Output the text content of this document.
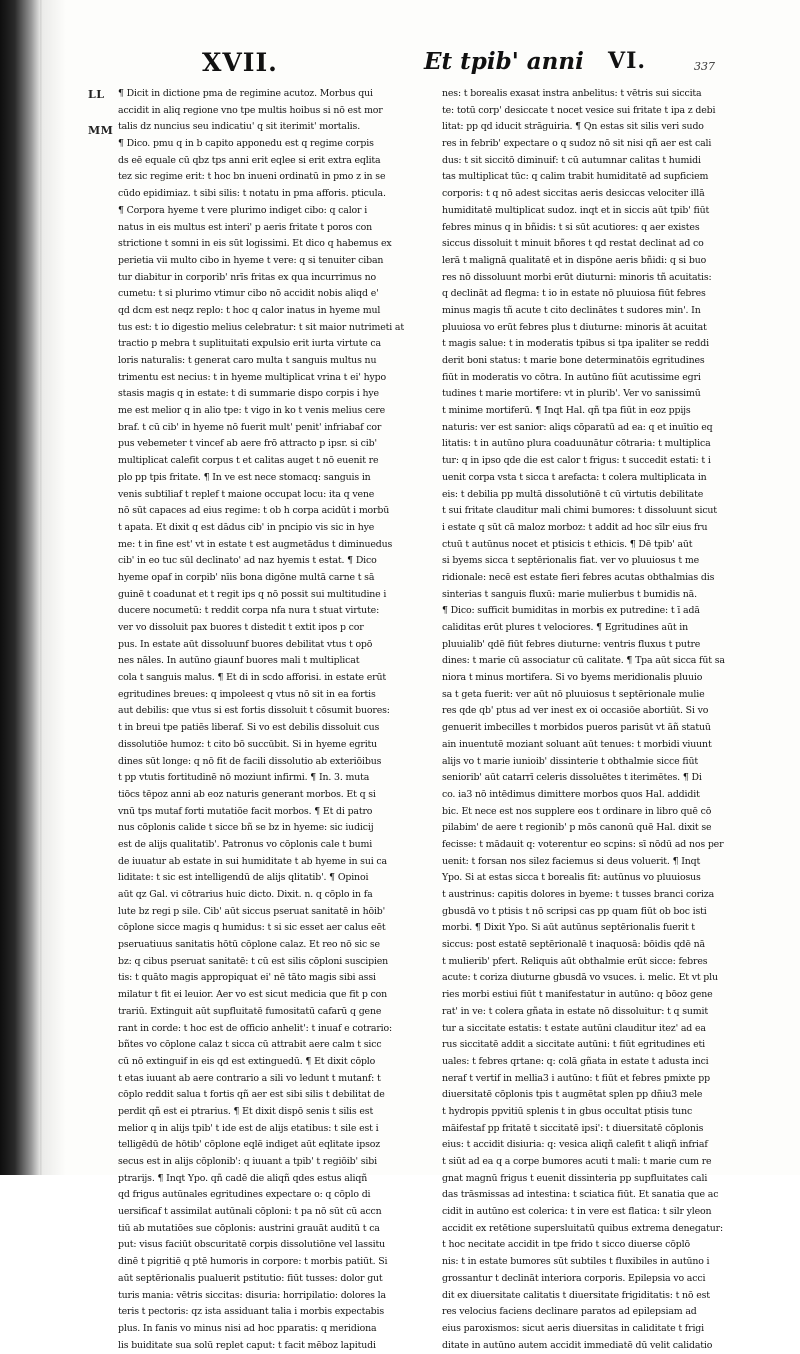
XVII.	Et tpib' anni VI.	337
LL
MM
¶ Dicit in dictione pma de regimine acutoz. Morbus qui
accidit in aliq regione vno tpe multis hoibus si nō est mor
talis dz nuncius seu indicatiu' q sit iterimit' mortalis.
¶ Dico. pmu q in b capito apponedu est q regime corpis
ds eē equale cū qbz tps anni erit eqlee si erit extra eqlita
tez sic regime erit: t hoc bn inueni ordinatū in pmo z in se
cūdo epidimiaz. t sibi silis: t notatu in pma afforis. pticula.
¶ Corpora hyeme t vere plurimo indiget cibo: q calor i
natus in eis multus est interi' p aeris fritate t poros con
strictione t somni in eis sūt logissimi. Et dico q habemus ex
perietia vii multo cibo in hyeme t vere: q si tenuiter ciban
tur diabitur in corporib' nrīs fritas ex qua incurrimus no
cumetu: t si plurimo vtimur cibo nō accidit nobis aliqd e'
qd dcm est neqz replo: t hoc q calor inatus in hyeme mul
tus est: t io digestio melius celebratur: t sit maior nutrimeti at
tractio p mebra t suplituitati expulsio erit iurta virtute ca
loris naturalis: t generat caro multa t sanguis multus nu
trimentu est necius: t in hyeme multiplicat vrina t ei' hypo
stasis magis q in estate: t di summarie dispo corpis i hye
me est melior q in alio tpe: t vigo in ko t venis melius cere
braf. t cū cib' in hyeme nō fuerit mult' penit' infriabaf cor
pus vebemeter t vincef ab aere frō attracto p ipsr. si cib'
multiplicat calefit corpus t et calitas auget t nō euenit re
plo pp tpis fritate. ¶ In ve est nece stomacq: sanguis in
venis subtiliaf t replef t maione occupat locu: ita q vene
nō sūt capaces ad eius regime: t ob h corpa acidūt i morbū
t apata. Et dixit q est dādus cib' in pncipio vis sic in hye
me: t in fine est' vt in estate t est augmetādus t diminuedus
cib' in eo tuc sūl declinato' ad naz hyemis t estat. ¶ Dico
hyeme opaf in corpib' nīis bona digōne multā carne t sā
guinē t coadunat et t regit ips q nō possit sui multitudine i
ducere nocumetū: t reddit corpa nfa nura t stuat virtute:
ver vo dissoluit pax buores t distedit t extit ipos p cor
pus. In estate aūt dissoluunf buores debilitat vtus t opō
nes nāles. In autūno giaunf buores mali t multiplicat
cola t sanguis malus. ¶ Et di in scdo afforisi. in estate erūt
egritudines breues: q impoleest q vtus nō sit in ea fortis
aut debilis: que vtus si est fortis dissoluit t cōsumit buores:
t in breui tpe patiēs liberaf. Si vo est debilis dissoluit cus
dissolutiōe humoz: t cito bō succūbit. Si in hyeme egritu
dines sūt longe: q nō fit de facili dissolutio ab exteriōibus
t pp vtutis fortitudinē nō moziunt infirmi. ¶ In. 3. muta
tiōcs tēpoz anni ab eoz naturis generant morbos. Et q si
vnū tps mutaf forti mutatiōe facit morbos. ¶ Et di patro
nus cōplonis calide t sicce bñ se bz in hyeme: sic iudicij
est de alijs qualitatib'. Patronus vo cōplonis cale t bumi
de iuuatur ab estate in sui humiditate t ab hyeme in sui ca
liditate: t sic est intelligendū de alijs qlitatib'. ¶ Opinoi
aūt qz Gal. vi cōtrarius huic dicto. Dixit. n. q cōplo in fa
lute bz regi p sile. Cib' aūt siccus pseruat sanitatē in hōib'
cōplone sicce magis q humidus: t si sic esset aer calus eēt
pseruatiuus sanitatis hōtū cōplone calaz. Et reo nō sic se
bz: q cibus pseruat sanitatē: t cū est silis cōploni suscipien
tis: t quāto magis appropiquat ei' nē tāto magis sibi assi
milatur t fit ei leuior. Aer vo est sicut medicia que fit p con
trariū. Extinguit aūt supfluitatē fumositatū cafarū q gene
rant in corde: t hoc est de officio anhelit': t inuaf e cotrario:
bñtes vo cōplone calaz t sicca cū attrabit aere calm t sicc
cū nō extinguif in eis qd est extinguedū. ¶ Et dixit cōplo
t etas iuuant ab aere contrario a sili vo ledunt t mutanf: t
cōplo reddit salua t fortis qñ aer est sibi silis t debilitat de
perdit qñ est ei ptrarius. ¶ Et dixit dispō senis t silis est
melior q in alijs tpib' t ide est de alijs etatibus: t sile est i
telligēdū de hōtib' cōplone eqlē indiget aūt eqlitate ipsoz
secus est in alijs cōplonib': q iuuant a tpib' t regiōib' sibi
ptrarijs. ¶ Inqt Ypo. qñ cadē die aliqñ qdes estus aliqñ
qd frigus autūnales egritudines expectare o: q cōplo di
uersificaf t assimilat autūnali cōploni: t pa nō sūt cū accn
tiū ab mutatiōes sue cōplonis: austrini grauāt auditū t ca
put: visus faciūt obscuritatē corpis dissolutiōne vel lassitu
dinē t pigritiē q ptē humoris in corpore: t morbis patiūt. Si
aūt septērionalis pualuerit pstitutio: fiūt tusses: dolor gut
turis mania: vētris siccitas: disuria: horripilatio: dolores la
teris t pectoris: qz ista assiduant talia i morbis expectabis
plus. In fanis vo minus nisi ad hoc pparatis: q meridiona
lis buiditate sua solū replet caput: t facit mēboz lapitudi
nes: t borealis exasat instra anbelitus: t vētris sui siccita
te: totū corp' desiccate t nocet vesice sui fritate t ipa z debi
litat: pp qd iducit strāguiria. ¶ Qn estas sit silis veri sudo
res in febrib' expectare o q sudoz nō sit nisi qñ aer est cali
dus: t sit siccitō diminuif: t cū autumnar calitas t humidi
tas multiplicat tūc: q calim trabit humiditatē ad supficiem
corporis: t q nō adest siccitas aeris desiccas velociter illā
humiditatē multiplicat sudoz. inqt et in siccis aūt tpib' fiūt
febres minus q in bñidis: t si sūt acutiores: q aer existes
siccus dissoluit t minuit bñores t qd restat declinat ad co
lerā t malignā qualitatē et in dispōne aeris bñidi: q si buo
res nō dissoluunt morbi erūt diuturni: minoris tñ acuitatis:
q declināt ad flegma: t io in estate nō pluuiosa fiūt febres
minus magis tñ acute t cito declinātes t sudores min'. In
pluuiosa vo erūt febres plus t diuturne: minoris āt acuitat
t magis salue: t in moderatis tpibus si tpa ipaliter se reddi
derit boni status: t marie bone determinatōis egritudines
fiūt in moderatis vo cōtra. In autūno fiūt acutissime egri
tudines t marie mortifere: vt in plurib'. Ver vo sanissimū
t minime mortiferū. ¶ Inqt Hal. qñ tpa fiūt in eoz ppijs
naturis: ver est sanior: aliqs cōparatū ad ea: q et inuītio eq
litatis: t in autūno plura coaduunātur cōtraria: t multiplica
tur: q in ipso qde die est calor t frigus: t succedit estati: t i
uenit corpa vsta t sicca t arefacta: t colera multiplicata in
eis: t debilia pp multā dissolutiōnē t cū virtutis debilitate
t sui fritate clauditur mali chimi bumores: t dissoluunt sicut
i estate q sūt cā maloz morboz: t addit ad hoc sīlr eius fru
ctuū t autūnus nocet et ptisicis t ethicis. ¶ Dē tpib' aūt
si byems sicca t septērionalis fiat. ver vo pluuiosus t me
ridionale: necē est estate fieri febres acutas obthalmias dis
sinterias t sanguis fluxū: marie mulierbus t bumidis nā.
¶ Dico: sufficit bumiditas in morbis ex putredine: t ī adā
caliditas erūt plures t velociores. ¶ Egritudines aūt in
pluuialib' qdē fiūt febres diuturne: ventris fluxus t putre
dines: t marie cū associatur cū calitate. ¶ Tpa aūt sicca fūt sa
niora t minus mortifera. Si vo byems meridionalis pluuio
sa t geta fuerit: ver aūt nō pluuiosus t septērionale mulie
res qde qb' ptus ad ver inest ex oi occasiōe abortiūt. Si vo
genuerit imbecilles t morbidos pueros parisūt vt āñ statuū
ain inuentutē moziant soluant aūt tenues: t morbidi viuunt
alijs vo t marie iunioib' dissinterie t obthalmie sicce fiūt
seniorib' aūt catarrī celeris dissoluētes t iterimētes. ¶ Di
co. ia3 nō intēdimus dimittere morbos quos Hal. addidit
bic. Et nece est nos supplere eos t ordinare in libro quē cō
pilabim' de aere t regionib' p mōs canonū quē Hal. dixit se
fecisse: t mādauit q: voterentur eo scpins: sī nōdū ad nos per
uenit: t forsan nos silez faciemus si deus voluerit. ¶ Inqt
Ypo. Si at estas sicca t borealis fit: autūnus vo pluuiosus
t austrinus: capitis dolores in byeme: t tusses branci coriza
gbusdā vo t ptisis t nō scripsi cas pp quam fiūt ob boc isti
morbi. ¶ Dixit Ypo. Si aūt autūnus septērionalis fuerit t
siccus: post estatē septērionalē t inaquosā: bōidis qdē nā
t mulierib' pfert. Reliquis aūt obthalmie erūt sicce: febres
acute: t coriza diuturne gbusdā vo vsuces. i. melic. Et vt plu
ries morbi estiui fiūt t manifestatur in autūno: q bōoz gene
rat' in ve: t colera gñata in estate nō dissoluitur: t q sumit
tur a siccitate estatis: t estate autūni clauditur itez' ad ea
rus siccitatē addit a siccitate autūni: t fiūt egritudines eti
uales: t febres qrtane: q: colā gñata in estate t adusta inci
neraf t vertif in mellia3 i autūno: t fiūt et febres pmixte pp
diuersitatē cōplonis tpis t augmētat splen pp dñiu3 mele
t hydropis ppvitiū splenis t in gbus occultat ptisis tunc
māifestaf pp fritatē t siccitatē ipsi': t diuersitatē cōplonis
eius: t accidit disiuria: q: vesica aliqñ calefit t aliqñ infriaf
t siūt ad ea q a corpe bumores acuti t mali: t marie cum re
gnat magnū frigus t euenit dissinteria pp supfluitates cali
das trāsmissas ad intestina: t sciatica fiūt. Et sanatia que ac
cidit in autūno est colerica: t in vere est flatica: t silr yleon
accidit ex retētione supersluitatū quibus extrema denegatur:
t hoc necitate accidit in tpe frido t sicco diuerse cōplō
nis: t in estate bumores sūt subtiles t fluxibiles in autūno i
grossantur t declināt interiora corporis. Epilepsia vo acci
dit ex diuersitate calitatis t diuersitate frigiditatis: t nō est
res velocius faciens declinare paratos ad epilepsiam ad
eius paroxismos: sicut aeris diuersitas in caliditate t frigi
ditate in autūno autem accidit immediatē dū velit calidatio
